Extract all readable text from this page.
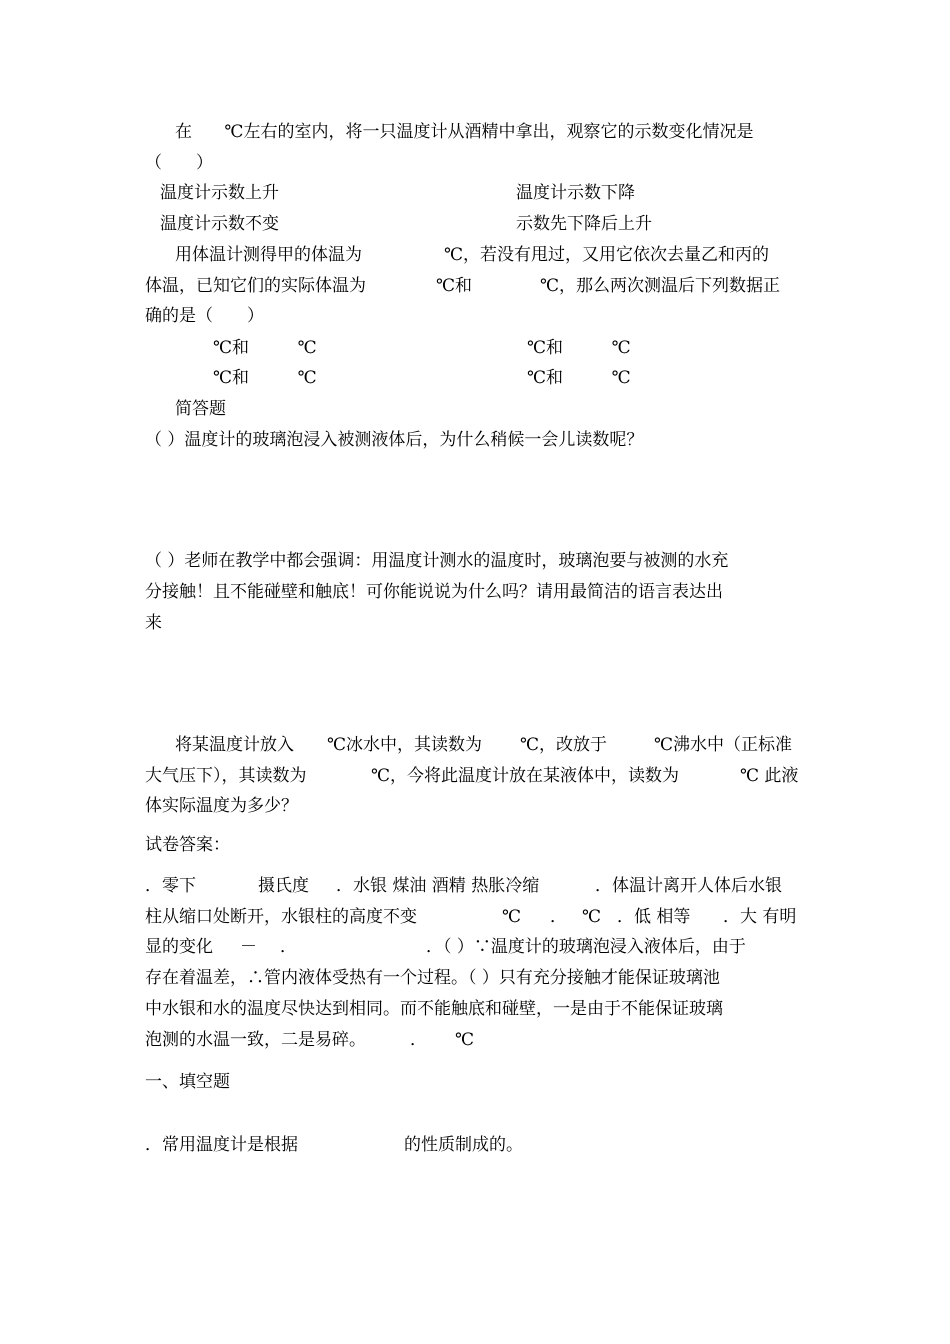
在      ℃左右的室内，将一只温度计从酒精中拿出，观察它的示数变化情况是
（　　）
温度计示数上升	温度计示数下降
温度计示数不变	示数先下降后上升
用体温计测得甲的体温为	℃，若没有甩过，又用它依次去量乙和丙的
体温，已知它们的实际体温为	℃和	℃，那么两次测温后下列数据正
确的是（　　）
℃和         ℃	℃和         ℃
℃和         ℃	℃和         ℃
简答题
（ ）温度计的玻璃泡浸入被测液体后，为什么稍候一会儿读数呢？
（ ）老师在教学中都会强调：用温度计测水的温度时，玻璃泡要与被测的水充
分接触！且不能碰壁和触底！可你能说说为什么吗？请用最简洁的语言表达出
来
将某温度计放入 ℃冰水中，其读数为 ℃，改放于	℃沸水中（正标准
大气压下），其读数为	℃，今将此温度计放在某液体中，读数为	℃ 此液
体实际温度为多少？
试卷答案：
．零下	摄氏度 ．水银 煤油 酒精 热胀冷缩	．体温计离开人体后水银
柱从缩口处断开，水银柱的高度不变	℃ ． ℃ ．低 相等 ．大 有明
显的变化 － ．	．（ ）∵温度计的玻璃泡浸入液体后，由于
存在着温差，∴管内液体受热有一个过程。（ ）只有充分接触才能保证玻璃池
中水银和水的温度尽快达到相同。而不能触底和碰壁，一是由于不能保证玻璃
泡测的水温一致，二是易碎。	． ℃
一、填空题
．常用温度计是根据	的性质制成的。
